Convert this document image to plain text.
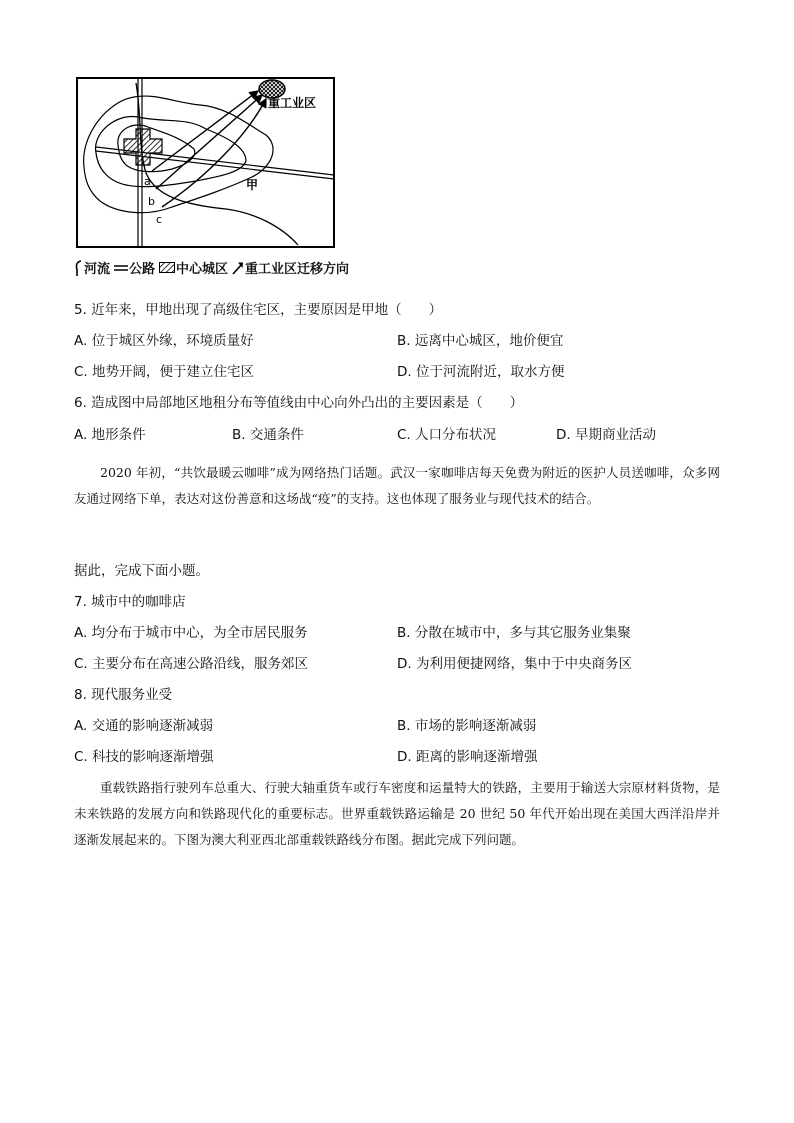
重工业区
甲
a
b
c
河流 公路 中心城区 重工业区迁移方向
5. 近年来，甲地出现了高级住宅区，主要原因是甲地（　　）
A. 位于城区外缘，环境质量好	B. 远离中心城区，地价便宜
C. 地势开阔，便于建立住宅区	D. 位于河流附近，取水方便
6. 造成图中局部地区地租分布等值线由中心向外凸出的主要因素是（　　）
A. 地形条件	B. 交通条件	C. 人口分布状况	D. 早期商业活动
2020 年初，“共饮最暖云咖啡”成为网络热门话题。武汉一家咖啡店每天免费为附近的医护人员送咖啡，众多网友通过网络下单，表达对这份善意和这场战“疫”的支持。这也体现了服务业与现代技术的结合。
据此，完成下面小题。
7. 城市中的咖啡店
A. 均分布于城市中心，为全市居民服务	B. 分散在城市中，多与其它服务业集聚
C. 主要分布在高速公路沿线，服务郊区	D. 为利用便捷网络，集中于中央商务区
8. 现代服务业受
A. 交通的影响逐渐减弱	B. 市场的影响逐渐减弱
C. 科技的影响逐渐增强	D. 距离的影响逐渐增强
重载铁路指行驶列车总重大、行驶大轴重货车或行车密度和运量特大的铁路，主要用于输送大宗原材料货物，是未来铁路的发展方向和铁路现代化的重要标志。世界重载铁路运输是 20 世纪 50 年代开始出现在美国大西洋沿岸并逐渐发展起来的。下图为澳大利亚西北部重载铁路线分布图。据此完成下列问题。
